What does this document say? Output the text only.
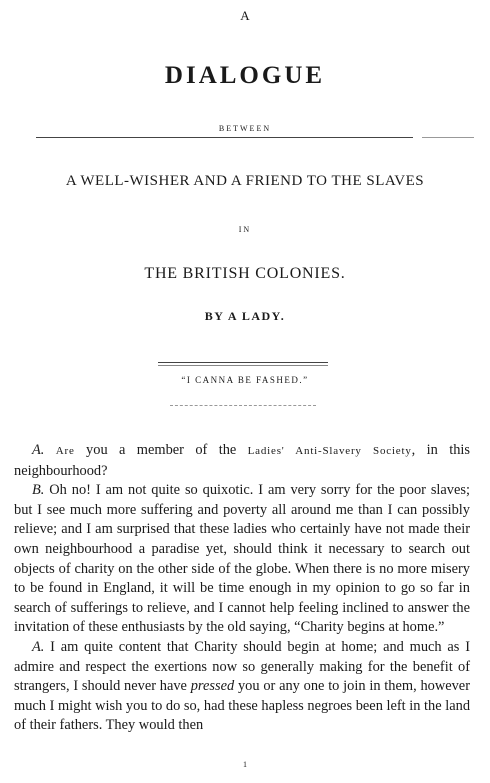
A
DIALOGUE
BETWEEN
A WELL-WISHER AND A FRIEND TO THE SLAVES
IN
THE BRITISH COLONIES.
BY A LADY.
“I CANNA BE FASHED.”

A. Are you a member of the Ladies' Anti-Slavery Society, in this neighbourhood?

B. Oh no! I am not quite so quixotic. I am very sorry for the poor slaves; but I see much more suffering and poverty all around me than I can possibly relieve; and I am surprised that these ladies who certainly have not made their own neighbourhood a paradise yet, should think it necessary to search out objects of charity on the other side of the globe. When there is no more misery to be found in England, it will be time enough in my opinion to go so far in search of sufferings to relieve, and I cannot help feeling inclined to answer the invitation of these enthusiasts by the old saying, “Charity begins at home.”

A. I am quite content that Charity should begin at home; and much as I admire and respect the exertions now so generally making for the benefit of strangers, I should never have pressed you or any one to join in them, however much I might wish you to do so, had these hapless negroes been left in the land of their fathers. They would then

1
